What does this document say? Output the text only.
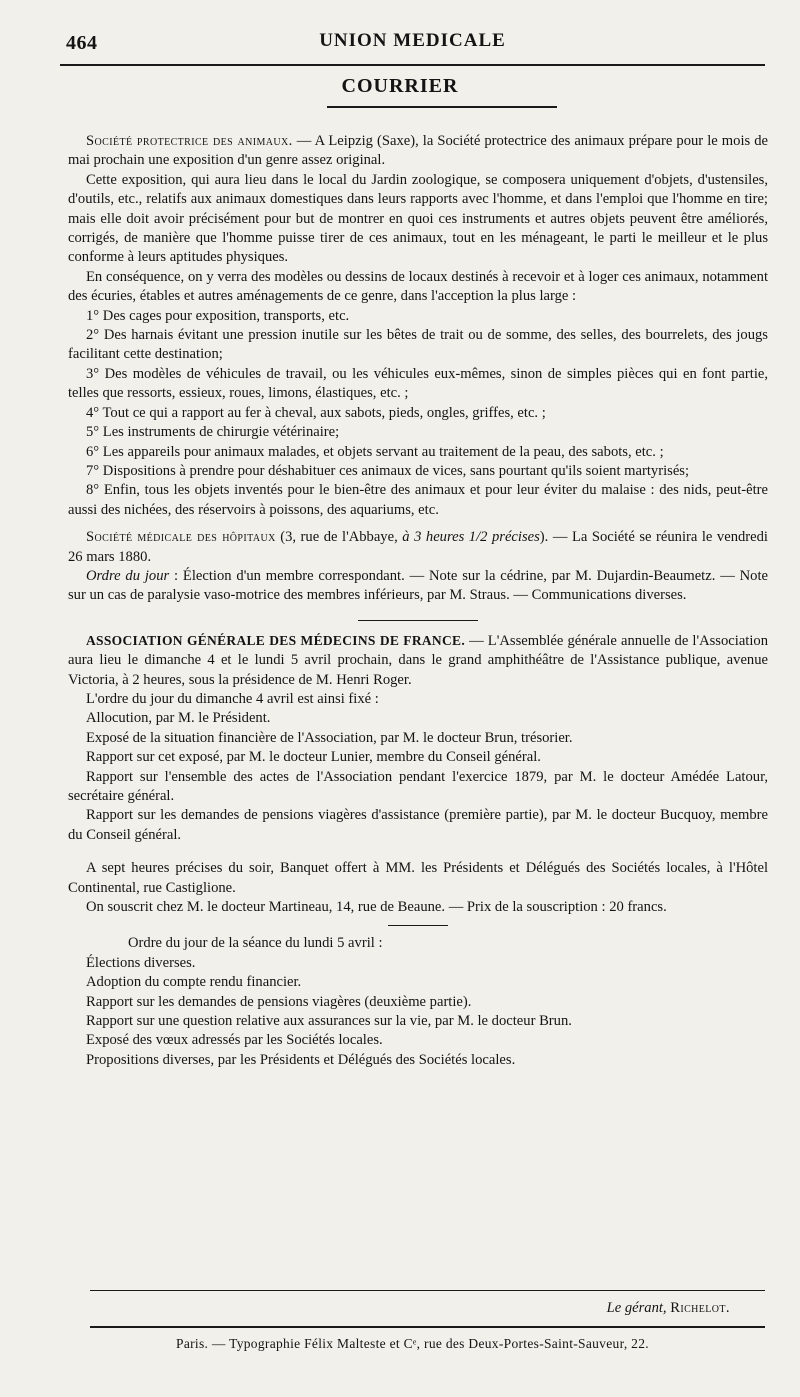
464	UNION MEDICALE
COURRIER

Société protectrice des animaux. — A Leipzig (Saxe), la Société protectrice des animaux prépare pour le mois de mai prochain une exposition d'un genre assez original.

Cette exposition, qui aura lieu dans le local du Jardin zoologique, se composera uniquement d'objets, d'ustensiles, d'outils, etc., relatifs aux animaux domestiques dans leurs rapports avec l'homme, et dans l'emploi que l'homme en tire; mais elle doit avoir précisément pour but de montrer en quoi ces instruments et autres objets peuvent être améliorés, corrigés, de manière que l'homme puisse tirer de ces animaux, tout en les ménageant, le parti le meilleur et le plus conforme à leurs aptitudes physiques.

En conséquence, on y verra des modèles ou dessins de locaux destinés à recevoir et à loger ces animaux, notamment des écuries, étables et autres aménagements de ce genre, dans l'acception la plus large :

1° Des cages pour exposition, transports, etc.

2° Des harnais évitant une pression inutile sur les bêtes de trait ou de somme, des selles, des bourrelets, des jougs facilitant cette destination;

3° Des modèles de véhicules de travail, ou les véhicules eux-mêmes, sinon de simples pièces qui en font partie, telles que ressorts, essieux, roues, limons, élastiques, etc. ;

4° Tout ce qui a rapport au fer à cheval, aux sabots, pieds, ongles, griffes, etc. ;

5° Les instruments de chirurgie vétérinaire;

6° Les appareils pour animaux malades, et objets servant au traitement de la peau, des sabots, etc. ;

7° Dispositions à prendre pour déshabituer ces animaux de vices, sans pourtant qu'ils soient martyrisés;

8° Enfin, tous les objets inventés pour le bien-être des animaux et pour leur éviter du malaise : des nids, peut-être aussi des nichées, des réservoirs à poissons, des aquariums, etc.

Société médicale des hôpitaux (3, rue de l'Abbaye, à 3 heures 1/2 précises). — La Société se réunira le vendredi 26 mars 1880.

Ordre du jour : Élection d'un membre correspondant. — Note sur la cédrine, par M. Dujardin-Beaumetz. — Note sur un cas de paralysie vaso-motrice des membres inférieurs, par M. Straus. — Communications diverses.

ASSOCIATION GÉNÉRALE DES MÉDECINS DE FRANCE. — L'Assemblée générale annuelle de l'Association aura lieu le dimanche 4 et le lundi 5 avril prochain, dans le grand amphithéâtre de l'Assistance publique, avenue Victoria, à 2 heures, sous la présidence de M. Henri Roger.

L'ordre du jour du dimanche 4 avril est ainsi fixé :

Allocution, par M. le Président.

Exposé de la situation financière de l'Association, par M. le docteur Brun, trésorier.

Rapport sur cet exposé, par M. le docteur Lunier, membre du Conseil général.

Rapport sur l'ensemble des actes de l'Association pendant l'exercice 1879, par M. le docteur Amédée Latour, secrétaire général.

Rapport sur les demandes de pensions viagères d'assistance (première partie), par M. le docteur Bucquoy, membre du Conseil général.

A sept heures précises du soir, Banquet offert à MM. les Présidents et Délégués des Sociétés locales, à l'Hôtel Continental, rue Castiglione.

On souscrit chez M. le docteur Martineau, 14, rue de Beaune. — Prix de la souscription : 20 francs.

Ordre du jour de la séance du lundi 5 avril :

Élections diverses.

Adoption du compte rendu financier.

Rapport sur les demandes de pensions viagères (deuxième partie).

Rapport sur une question relative aux assurances sur la vie, par M. le docteur Brun.

Exposé des vœux adressés par les Sociétés locales.

Propositions diverses, par les Présidents et Délégués des Sociétés locales.

Le gérant, Richelot.
Paris. — Typographie Félix Malteste et Cᵉ, rue des Deux-Portes-Saint-Sauveur, 22.
